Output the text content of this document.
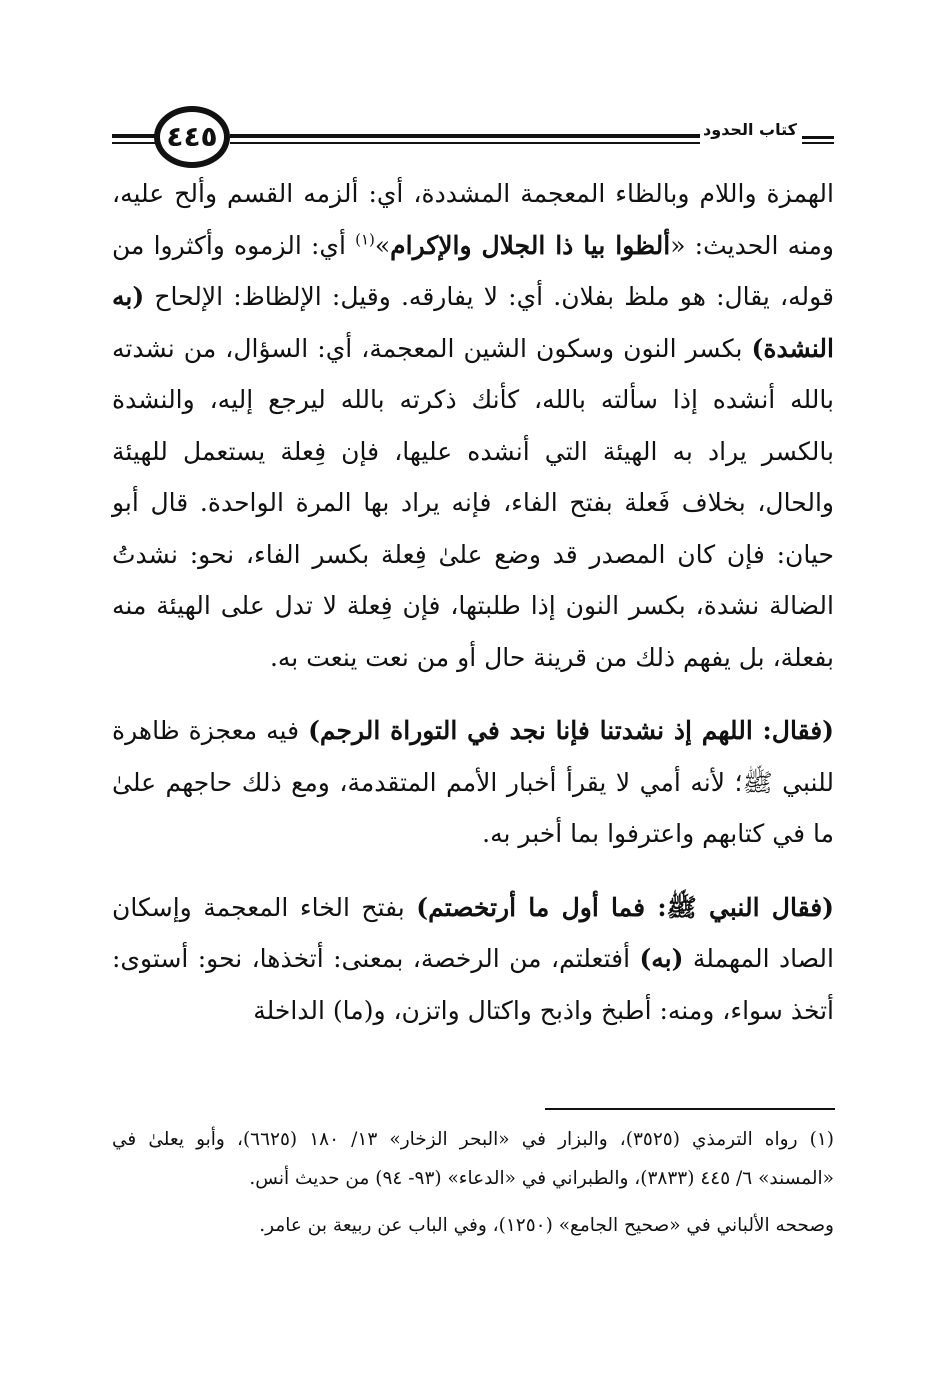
٤٤٥	كتاب الحدود

الهمزة واللام وبالظاء المعجمة المشددة، أي: ألزمه القسم وألح عليه، ومنه الحديث: «ألظوا بيا ذا الجلال والإكرام»$^{(١)}$ أي: الزموه وأكثروا من قوله، يقال: هو ملظ بفلان. أي: لا يفارقه. وقيل: الإلظاظ: الإلحاح (به النشدة) بكسر النون وسكون الشين المعجمة، أي: السؤال، من نشدته بالله أنشده إذا سألته بالله، كأنك ذكرته بالله ليرجع إليه، والنشدة بالكسر يراد به الهيئة التي أنشده عليها، فإن فِعلة يستعمل للهيئة والحال، بخلاف فَعلة بفتح الفاء، فإنه يراد بها المرة الواحدة. قال أبو حيان: فإن كان المصدر قد وضع علىٰ فِعلة بكسر الفاء، نحو: نشدتُ الضالة نشدة، بكسر النون إذا طلبتها، فإن فِعلة لا تدل على الهيئة منه بفعلة، بل يفهم ذلك من قرينة حال أو من نعت ينعت به.

(فقال: اللهم إذ نشدتنا فإنا نجد في التوراة الرجم) فيه معجزة ظاهرة للنبي ﷺ؛ لأنه أمي لا يقرأ أخبار الأمم المتقدمة، ومع ذلك حاجهم علىٰ ما في كتابهم واعترفوا بما أخبر به.

(فقال النبي ﷺ: فما أول ما أرتخصتم) بفتح الخاء المعجمة وإسكان الصاد المهملة (به) أفتعلتم، من الرخصة، بمعنى: أتخذها، نحو: أستوى: أتخذ سواء، ومنه: أطبخ واذبح واكتال واتزن، و(ما) الداخلة

(١) رواه الترمذي (٣٥٢٥)، والبزار في «البحر الزخار» ١٣/ ١٨٠ (٦٦٢٥)، وأبو يعلىٰ في «المسند» ٦/ ٤٤٥ (٣٨٣٣)، والطبراني في «الدعاء» (٩٣- ٩٤) من حديث أنس.

وصححه الألباني في «صحيح الجامع» (١٢٥٠)، وفي الباب عن ربيعة بن عامر.
